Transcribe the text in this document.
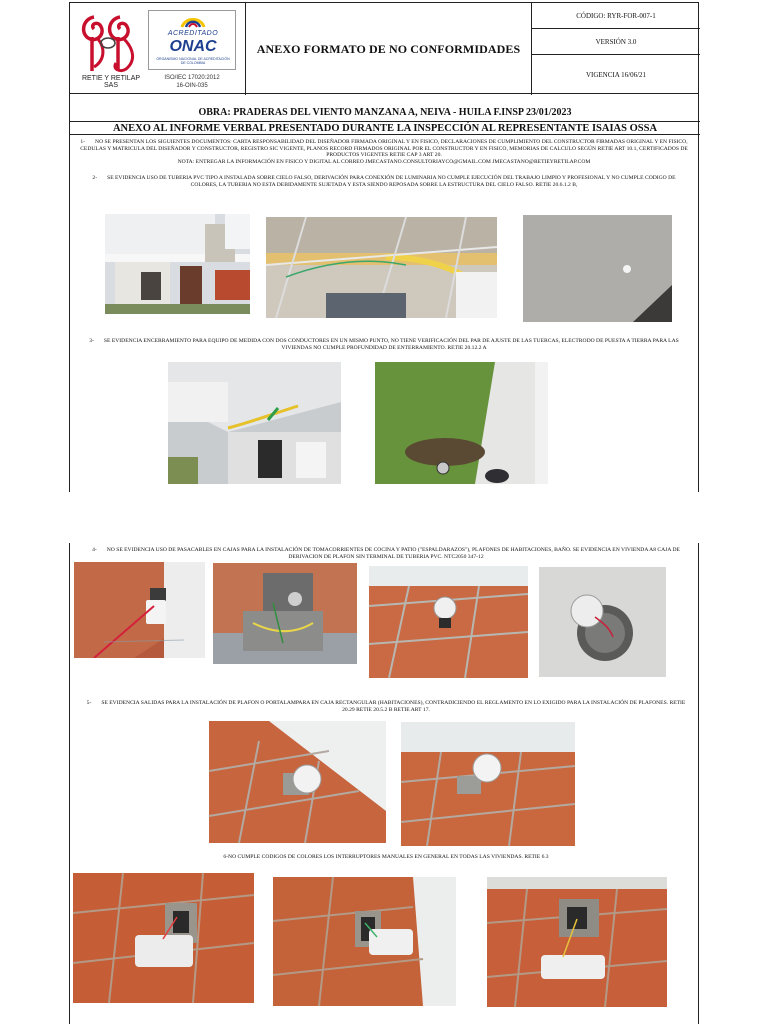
RETIE Y RETILAP SAS
ACREDITADO
ONAC
ORGANISMO NACIONAL DE ACREDITACIÓN DE COLOMBIA
ISO/IEC 17020:2012
16-OIN-035
ANEXO FORMATO DE NO CONFORMIDADES
CÓDIGO: RYR-FOR-007-1
VERSIÓN 3.0
VIGENCIA 16/06/21
OBRA: PRADERAS DEL VIENTO MANZANA A, NEIVA - HUILA F.INSP 23/01/2023
ANEXO AL INFORME VERBAL PRESENTADO DURANTE LA INSPECCIÓN AL REPRESENTANTE ISAIAS OSSA
1- NO SE PRESENTAN LOS SIGUIENTES DOCUMENTOS: CARTA RESPONSABILIDAD DEL DISEÑADOR FIRMADA ORIGINAL Y EN FISICO, DECLARACIONES DE CUMPLIMIENTO DEL CONSTRUCTOR FIRMADAS ORIGINAL Y EN FISICO, CEDULAS Y MATRICULA DEL DISEÑADOR Y CONSTRUCTOR, REGISTRO SIC VIGENTE, PLANOS RECORD FIRMADOS ORIGINAL POR EL CONSTRUCTOR Y EN FISICO, MEMORIAS DE CALCULO SEGÚN RETIE ART 10.1, CERTIFICADOS DE PRODUCTOS VIGENTES RETIE CAP 3 ART 20.
NOTA: ENTREGAR LA INFORMACIÓN EN FISICO Y DIGITAL AL CORREO JMECASTANO.CONSULTORIAYCO@GMAIL.COM JMECASTANO@RETIEYRETILAP.COM
2- SE EVIDENCIA USO DE TUBERIA PVC TIPO A INSTALADA SOBRE CIELO FALSO, DERIVACIÓN PARA CONEXIÓN DE LUMINARIA NO CUMPLE EJECUCIÓN DEL TRABAJO LIMPIO Y PROFESIONAL Y NO CUMPLE CODIGO DE COLORES, LA TUBERIA NO ESTA DEBIDAMENTE SUJETADA Y ESTA SIENDO REPOSADA SOBRE LA ESTRUCTURA DEL CIELO FALSO. RETIE 20.6.1.2 B,
3- SE EVIDENCIA ENCERRAMIENTO PARA EQUIPO DE MEDIDA CON DOS CONDUCTORES EN UN MISMO PUNTO, NO TIENE VERIFICACIÓN DEL PAR DE AJUSTE DE LAS TUERCAS, ELECTRODO DE PUESTA A TIERRA PARA LAS VIVIENDAS NO CUMPLE PROFUNDIDAD DE ENTERRAMIENTO. RETIE 20.12.2 A
4- NO SE EVIDENCIA USO DE PASACABLES EN CAJAS PARA LA INSTALACIÓN DE TOMACORRIENTES DE COCINA Y PATIO ("ESPALDARAZOS"), PLAFONES DE HABITACIONES, BAÑO. SE EVIDENCIA EN VIVIENDA A8 CAJA DE DERIVACION DE PLAFON SIN TERMINAL DE TUBERIA PVC. NTC2050 347-12
5- SE EVIDENCIA SALIDAS PARA LA INSTALACIÓN DE PLAFON O PORTALAMPARA EN CAJA RECTANGULAR (HABITACIONES), CONTRADICIENDO EL REGLAMENTO EN LO EXIGIDO PARA LA INSTALACIÓN DE PLAFONES. RETIE 20.29 RETIE 20.5.2 B RETIE ART 17.
6-NO CUMPLE CODIGOS DE COLORES LOS INTERRUPTORES MANUALES EN GENERAL EN TODAS LAS VIVIENDAS. RETIE 6.3
